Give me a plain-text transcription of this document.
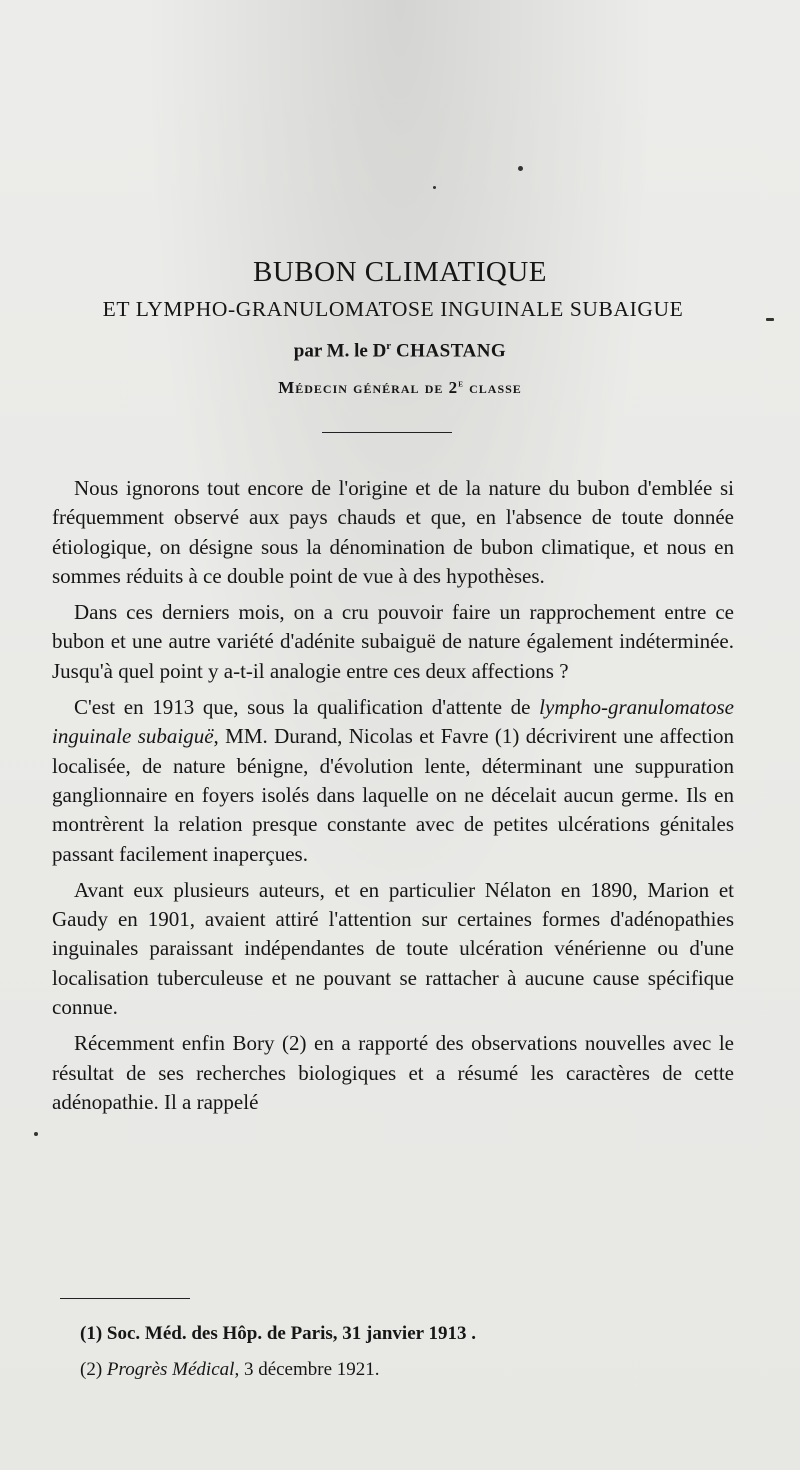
BUBON CLIMATIQUE
ET LYMPHO-GRANULOMATOSE INGUINALE SUBAIGUE
par M. le $D^r$ CHASTANG
Médecin général de 2e classe

Nous ignorons tout encore de l'origine et de la nature du bubon d'emblée si fréquemment observé aux pays chauds et que, en l'absence de toute donnée étiologique, on désigne sous la dénomination de bubon climatique, et nous en sommes réduits à ce double point de vue à des hypothèses.

Dans ces derniers mois, on a cru pouvoir faire un rapprochement entre ce bubon et une autre variété d'adénite subaiguë de nature également indéterminée. Jusqu'à quel point y a-t-il analogie entre ces deux affections ?

C'est en 1913 que, sous la qualification d'attente de lympho-granulomatose inguinale subaiguë, MM. Durand, Nicolas et Favre (1) décrivirent une affection localisée, de nature bénigne, d'évolution lente, déterminant une suppuration ganglionnaire en foyers isolés dans laquelle on ne décelait aucun germe. Ils en montrèrent la relation presque constante avec de petites ulcérations génitales passant facilement inaperçues.

Avant eux plusieurs auteurs, et en particulier Nélaton en 1890, Marion et Gaudy en 1901, avaient attiré l'attention sur certaines formes d'adénopathies inguinales paraissant indépendantes de toute ulcération vénérienne ou d'une localisation tuberculeuse et ne pouvant se rattacher à aucune cause spécifique connue.

Récemment enfin Bory (2) en a rapporté des observations nouvelles avec le résultat de ses recherches biologiques et a résumé les caractères de cette adénopathie. Il a rappelé

(1) Soc. Méd. des Hôp. de Paris, 31 janvier 1913 .
(2) Progrès Médical, 3 décembre 1921.
